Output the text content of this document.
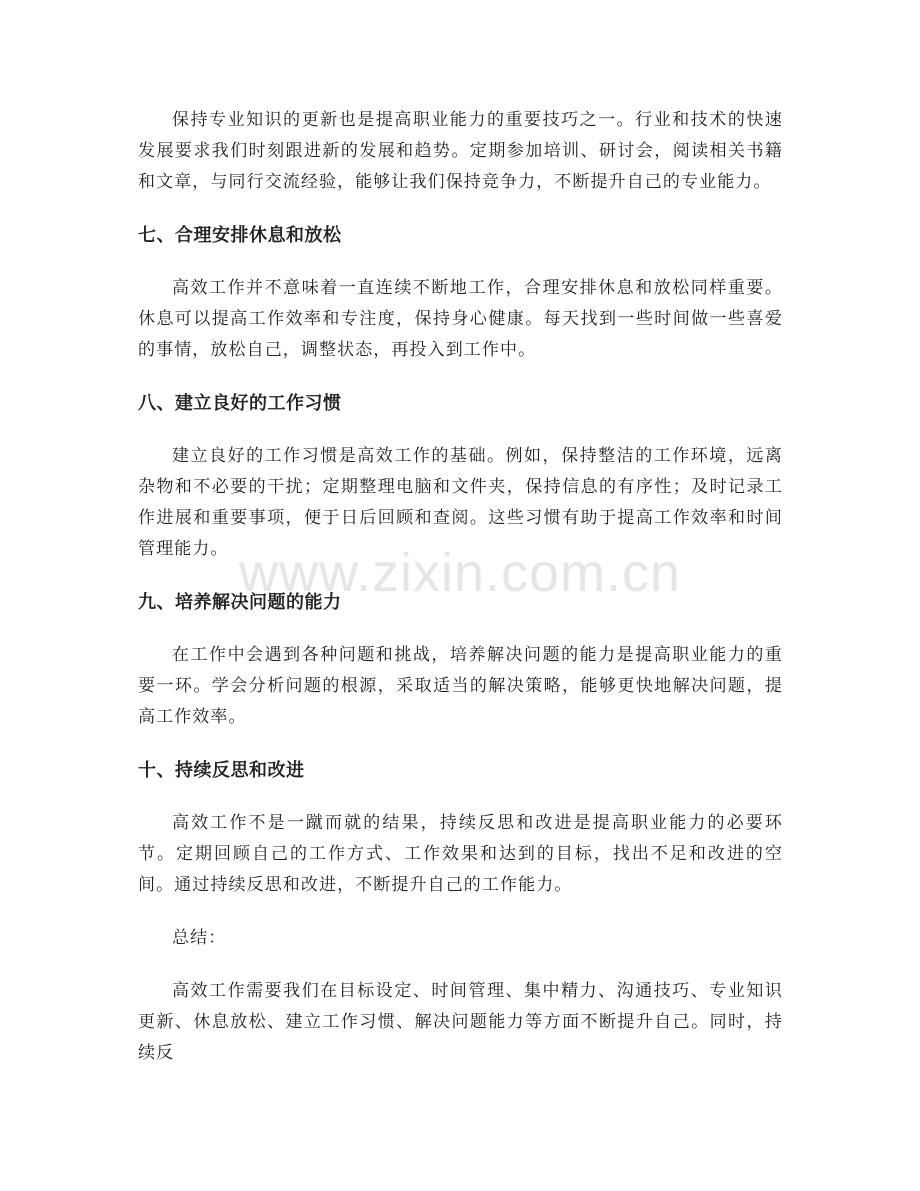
保持专业知识的更新也是提高职业能力的重要技巧之一。行业和技术的快速发展要求我们时刻跟进新的发展和趋势。定期参加培训、研讨会，阅读相关书籍和文章，与同行交流经验，能够让我们保持竞争力，不断提升自己的专业能力。

七、合理安排休息和放松

高效工作并不意味着一直连续不断地工作，合理安排休息和放松同样重要。休息可以提高工作效率和专注度，保持身心健康。每天找到一些时间做一些喜爱的事情，放松自己，调整状态，再投入到工作中。

八、建立良好的工作习惯

建立良好的工作习惯是高效工作的基础。例如，保持整洁的工作环境，远离杂物和不必要的干扰；定期整理电脑和文件夹，保持信息的有序性；及时记录工作进展和重要事项，便于日后回顾和查阅。这些习惯有助于提高工作效率和时间管理能力。

九、培养解决问题的能力

在工作中会遇到各种问题和挑战，培养解决问题的能力是提高职业能力的重要一环。学会分析问题的根源，采取适当的解决策略，能够更快地解决问题，提高工作效率。

十、持续反思和改进

高效工作不是一蹴而就的结果，持续反思和改进是提高职业能力的必要环节。定期回顾自己的工作方式、工作效果和达到的目标，找出不足和改进的空间。通过持续反思和改进，不断提升自己的工作能力。

总结：

高效工作需要我们在目标设定、时间管理、集中精力、沟通技巧、专业知识更新、休息放松、建立工作习惯、解决问题能力等方面不断提升自己。同时，持续反

www.zixin.com.cn
